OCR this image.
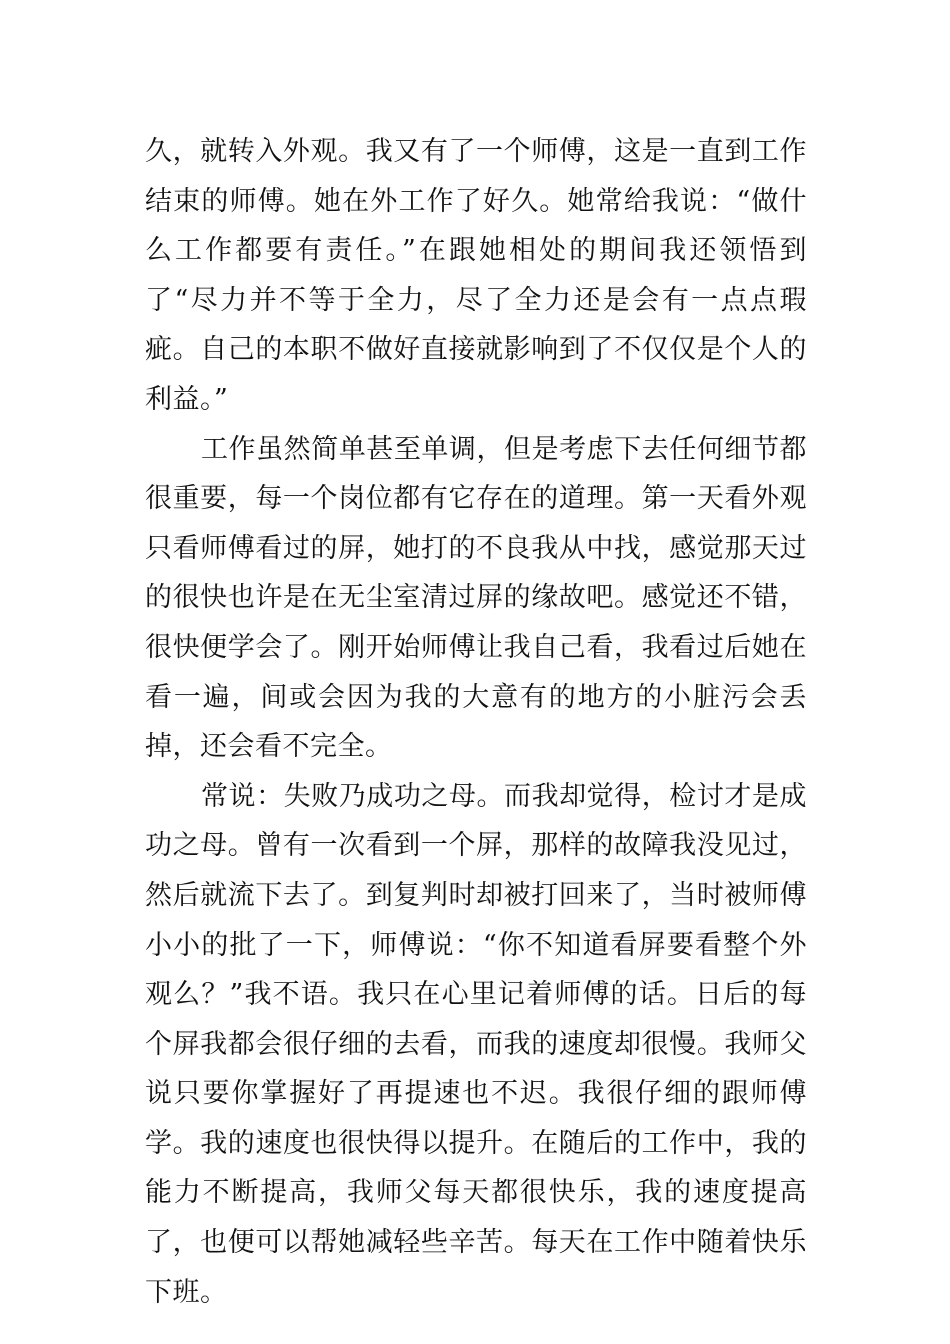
久，就转入外观。我又有了一个师傅，这是一直到工作结束的师傅。她在外工作了好久。她常给我说：“做什么工作都要有责任。”在跟她相处的期间我还领悟到了“尽力并不等于全力，尽了全力还是会有一点点瑕疵。自己的本职不做好直接就影响到了不仅仅是个人的利益。”

工作虽然简单甚至单调，但是考虑下去任何细节都很重要，每一个岗位都有它存在的道理。第一天看外观只看师傅看过的屏，她打的不良我从中找，感觉那天过的很快也许是在无尘室清过屏的缘故吧。感觉还不错，很快便学会了。刚开始师傅让我自己看，我看过后她在看一遍，间或会因为我的大意有的地方的小脏污会丢掉，还会看不完全。

常说：失败乃成功之母。而我却觉得，检讨才是成功之母。曾有一次看到一个屏，那样的故障我没见过，然后就流下去了。到复判时却被打回来了，当时被师傅小小的批了一下，师傅说：“你不知道看屏要看整个外观么？”我不语。我只在心里记着师傅的话。日后的每个屏我都会很仔细的去看，而我的速度却很慢。我师父说只要你掌握好了再提速也不迟。我很仔细的跟师傅学。我的速度也很快得以提升。在随后的工作中，我的能力不断提高，我师父每天都很快乐，我的速度提高了，也便可以帮她减轻些辛苦。每天在工作中随着快乐下班。
